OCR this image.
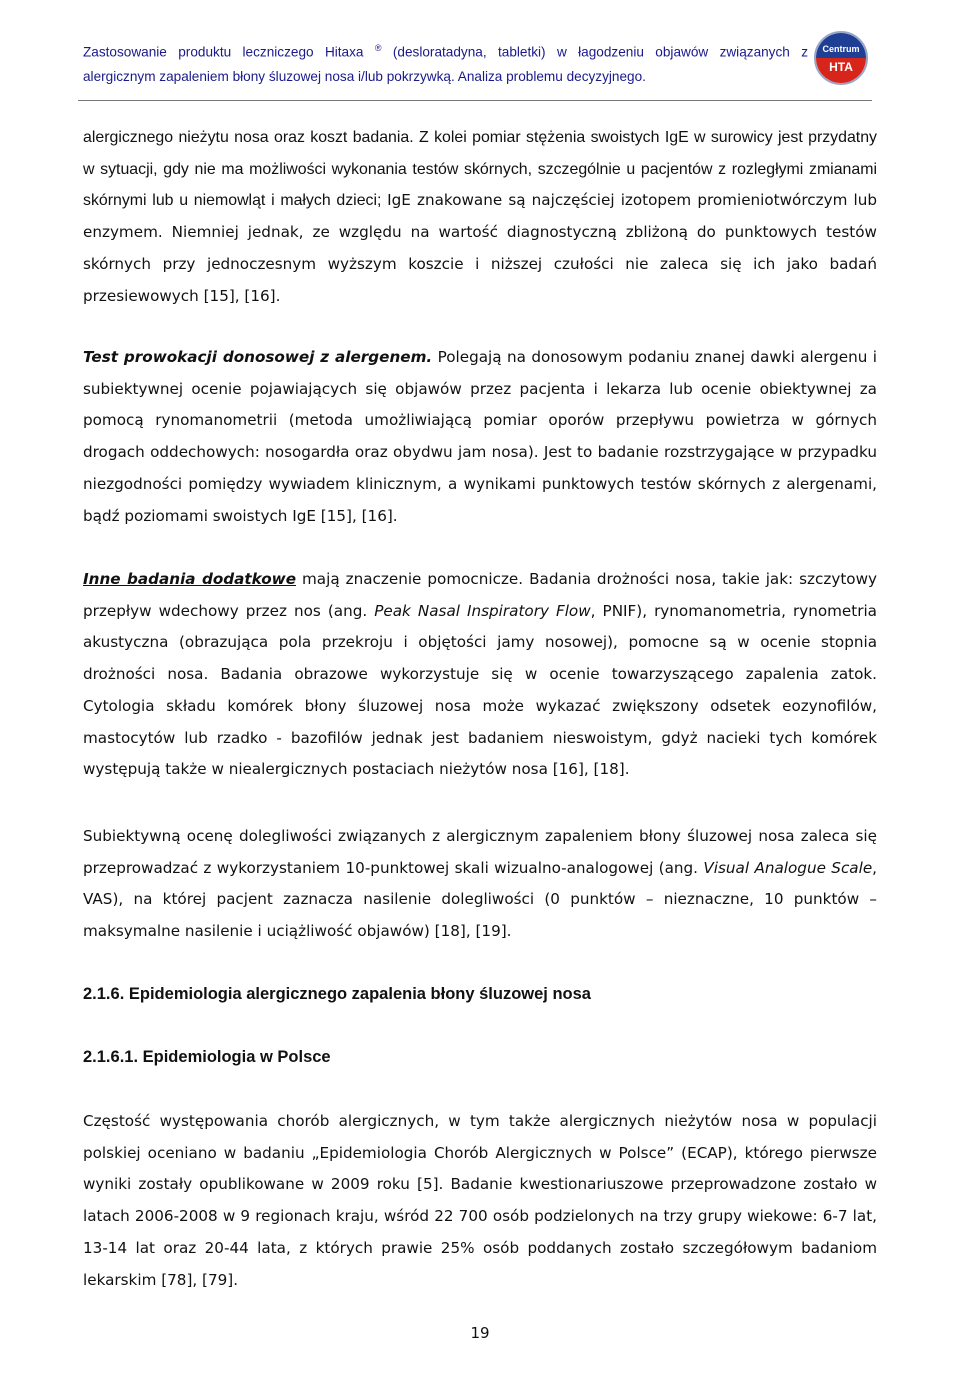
Zastosowanie produktu leczniczego Hitaxa ® (desloratadyna, tabletki) w łagodzeniu objawów związanych z
alergicznym zapaleniem błony śluzowej nosa i/lub pokrzywką. Analiza problemu decyzyjnego.
Centrum
HTA

alergicznego nieżytu nosa oraz koszt badania. Z kolei pomiar stężenia swoistych IgE w surowicy jest przydatny w sytuacji, gdy nie ma możliwości wykonania testów skórnych, szczególnie u pacjentów z rozległymi zmianami skórnymi lub u niemowląt i małych dzieci; IgE znakowane są najczęściej izotopem promieniotwórczym lub enzymem. Niemniej jednak, ze względu na wartość diagnostyczną zbliżoną do punktowych testów skórnych przy jednoczesnym wyższym koszcie i niższej czułości nie zaleca się ich jako badań przesiewowych [15], [16].

Test prowokacji donosowej z alergenem. Polegają na donosowym podaniu znanej dawki alergenu i subiektywnej ocenie pojawiających się objawów przez pacjenta i lekarza lub ocenie obiektywnej za pomocą rynomanometrii (metoda umożliwiającą pomiar oporów przepływu powietrza w górnych drogach oddechowych: nosogardła oraz obydwu jam nosa). Jest to badanie rozstrzygające w przypadku niezgodności pomiędzy wywiadem klinicznym, a wynikami punktowych testów skórnych z alergenami, bądź poziomami swoistych IgE [15], [16].

Inne badania dodatkowe mają znaczenie pomocnicze. Badania drożności nosa, takie jak: szczytowy przepływ wdechowy przez nos (ang. Peak Nasal Inspiratory Flow, PNIF), rynomanometria, rynometria akustyczna (obrazująca pola przekroju i objętości jamy nosowej), pomocne są w ocenie stopnia drożności nosa. Badania obrazowe wykorzystuje się w ocenie towarzyszącego zapalenia zatok. Cytologia składu komórek błony śluzowej nosa może wykazać zwiększony odsetek eozynofilów, mastocytów lub rzadko - bazofilów jednak jest badaniem nieswoistym, gdyż nacieki tych komórek występują także w niealergicznych postaciach nieżytów nosa [16], [18].

Subiektywną ocenę dolegliwości związanych z alergicznym zapaleniem błony śluzowej nosa zaleca się przeprowadzać z wykorzystaniem 10-punktowej skali wizualno-analogowej (ang. Visual Analogue Scale, VAS), na której pacjent zaznacza nasilenie dolegliwości (0 punktów – nieznaczne, 10 punktów – maksymalne nasilenie i uciążliwość objawów) [18], [19].

2.1.6. Epidemiologia alergicznego zapalenia błony śluzowej nosa
2.1.6.1. Epidemiologia w Polsce

Częstość występowania chorób alergicznych, w tym także alergicznych nieżytów nosa w populacji polskiej oceniano w badaniu „Epidemiologia Chorób Alergicznych w Polsce” (ECAP), którego pierwsze wyniki zostały opublikowane w 2009 roku [5]. Badanie kwestionariuszowe przeprowadzone zostało w latach 2006-2008 w 9 regionach kraju, wśród 22 700 osób podzielonych na trzy grupy wiekowe: 6-7 lat, 13-14 lat oraz 20-44 lata, z których prawie 25% osób poddanych zostało szczegółowym badaniom lekarskim [78], [79].

19
